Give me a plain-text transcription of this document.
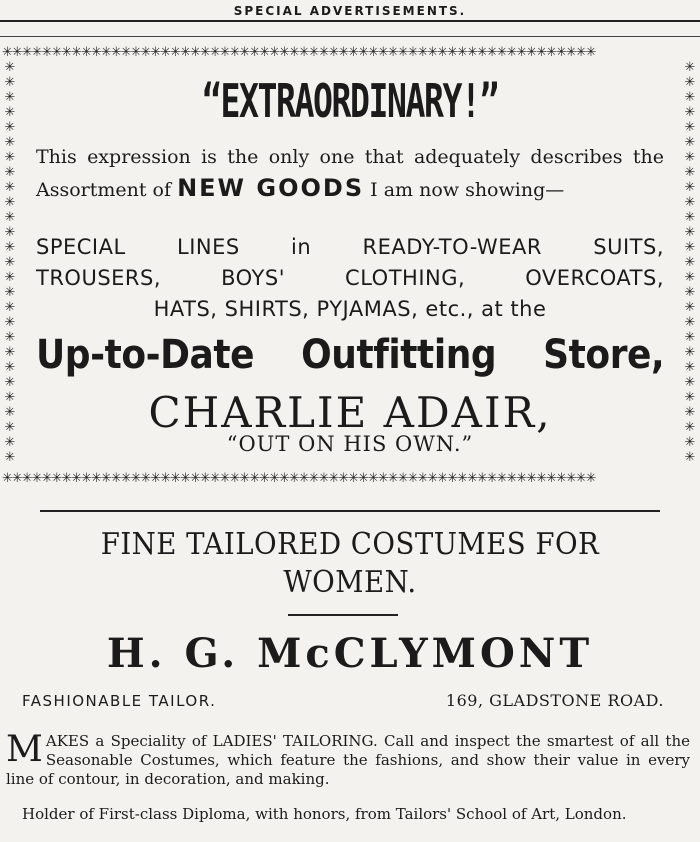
SPECIAL ADVERTISEMENTS.
✳✳✳✳✳✳✳✳✳✳✳✳✳✳✳✳✳✳✳✳✳✳✳✳✳✳✳✳✳✳✳✳✳✳✳✳✳✳✳✳✳✳✳✳✳✳✳✳✳✳✳✳✳✳✳✳✳✳✳✳
✳✳✳✳✳✳✳✳✳✳✳✳✳✳✳✳✳✳✳✳✳✳✳✳✳✳✳✳✳✳✳✳✳✳✳✳✳✳✳✳✳✳✳✳✳✳✳✳✳✳✳✳✳✳✳✳✳✳✳✳
✳✳✳✳✳✳✳✳✳✳✳✳✳✳✳✳✳✳✳✳✳✳✳✳✳✳✳
✳✳✳✳✳✳✳✳✳✳✳✳✳✳✳✳✳✳✳✳✳✳✳✳✳✳✳
“EXTRAORDINARY!”
This expression is the only one that adequately describes the Assortment of NEW GOODS I am now showing—
SPECIAL LINES in READY-TO-WEAR SUITS,
TROUSERS, BOYS' CLOTHING, OVERCOATS,
HATS, SHIRTS, PYJAMAS, etc., at the
Up-to-Date Outfitting Store,
CHARLIE ADAIR,
“OUT ON HIS OWN.”
FINE TAILORED COSTUMES FOR
WOMEN.
H. G. McCLYMONT
FASHIONABLE TAILOR.	169, GLADSTONE ROAD.
M AKES a Speciality of LADIES' TAILORING. Call and inspect the smartest of all the Seasonable Costumes, which feature the fashions, and show their value in every line of contour, in decoration, and making.
Holder of First-class Diploma, with honors, from Tailors' School of Art, London.
